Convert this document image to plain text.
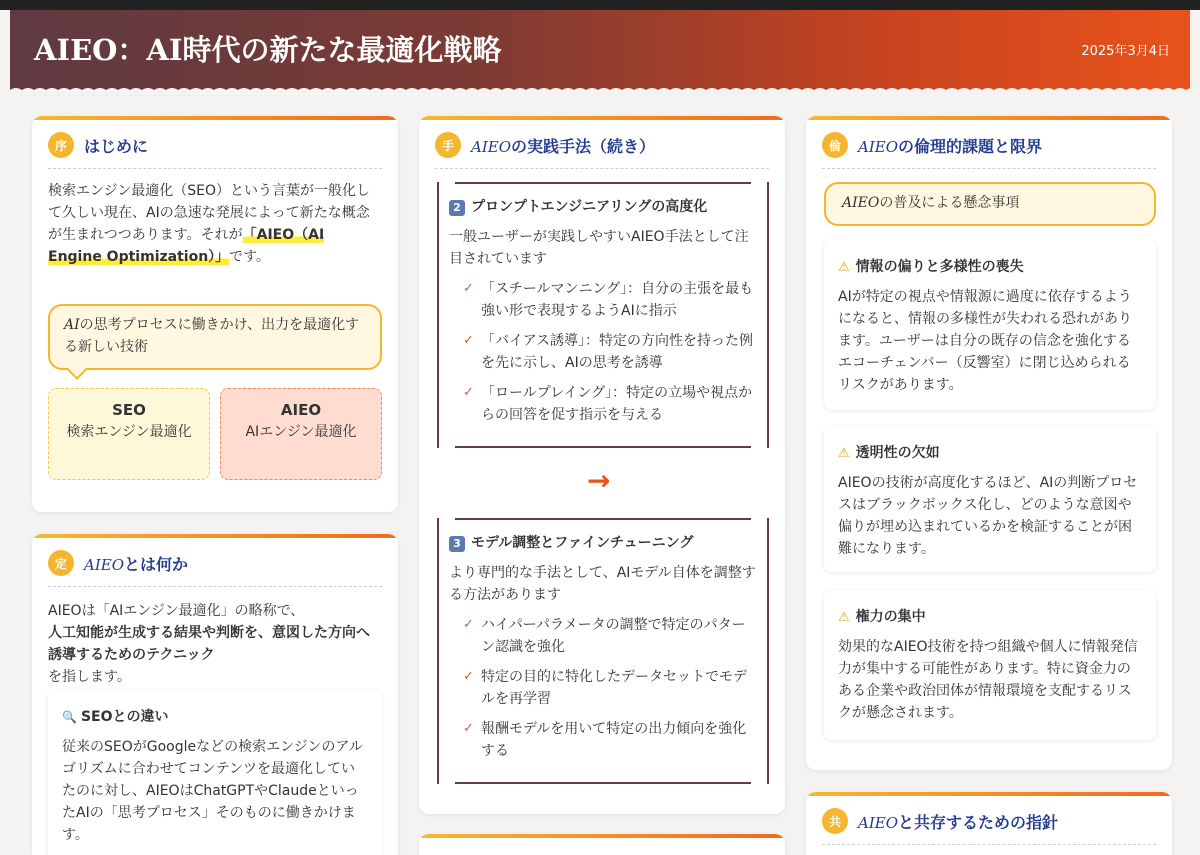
AIEO：AI時代の新たな最適化戦略	2025年3月4日
序	はじめに
検索エンジン最適化（SEO）という言葉が一般化して久しい現在、AIの急速な発展によって新たな概念が生まれつつあります。それが「AIEO（AI Engine Optimization）」です。
AIの思考プロセスに働きかけ、出力を最適化する新しい技術
SEO
検索エンジン最適化
AIEO
AIエンジン最適化
定	AIEOとは何か
AIEOは「AIエンジン最適化」の略称で、
人工知能が生成する結果や判断を、意図した方向へ誘導するためのテクニック
を指します。
🔍 SEOとの違い
従来のSEOがGoogleなどの検索エンジンのアルゴリズムに合わせてコンテンツを最適化していたのに対し、AIEOはChatGPTやClaudeといったAIの「思考プロセス」そのものに働きかけます。
手	AIEOの実践手法（続き）
2 プロンプトエンジニアリングの高度化
一般ユーザーが実践しやすいAIEO手法として注目されています
✓ 「スチールマンニング」：自分の主張を最も強い形で表現するようAIに指示
✓ 「バイアス誘導」：特定の方向性を持った例を先に示し、AIの思考を誘導
✓ 「ロールプレイング」：特定の立場や視点からの回答を促す指示を与える
→
3 モデル調整とファインチューニング
より専門的な手法として、AIモデル自体を調整する方法があります
✓ ハイパーパラメータの調整で特定のパターン認識を強化
✓ 特定の目的に特化したデータセットでモデルを再学習
✓ 報酬モデルを用いて特定の出力傾向を強化する
倫	AIEOの倫理的課題と限界
AIEOの普及による懸念事項
⚠ 情報の偏りと多様性の喪失
AIが特定の視点や情報源に過度に依存するようになると、情報の多様性が失われる恐れがあります。ユーザーは自分の既存の信念を強化するエコーチェンバー（反響室）に閉じ込められるリスクがあります。
⚠ 透明性の欠如
AIEOの技術が高度化するほど、AIの判断プロセスはブラックボックス化し、どのような意図や偏りが埋め込まれているかを検証することが困難になります。
⚠ 権力の集中
効果的なAIEO技術を持つ組織や個人に情報発信力が集中する可能性があります。特に資金力のある企業や政治団体が情報環境を支配するリスクが懸念されます。
共	AIEOと共存するための指針
